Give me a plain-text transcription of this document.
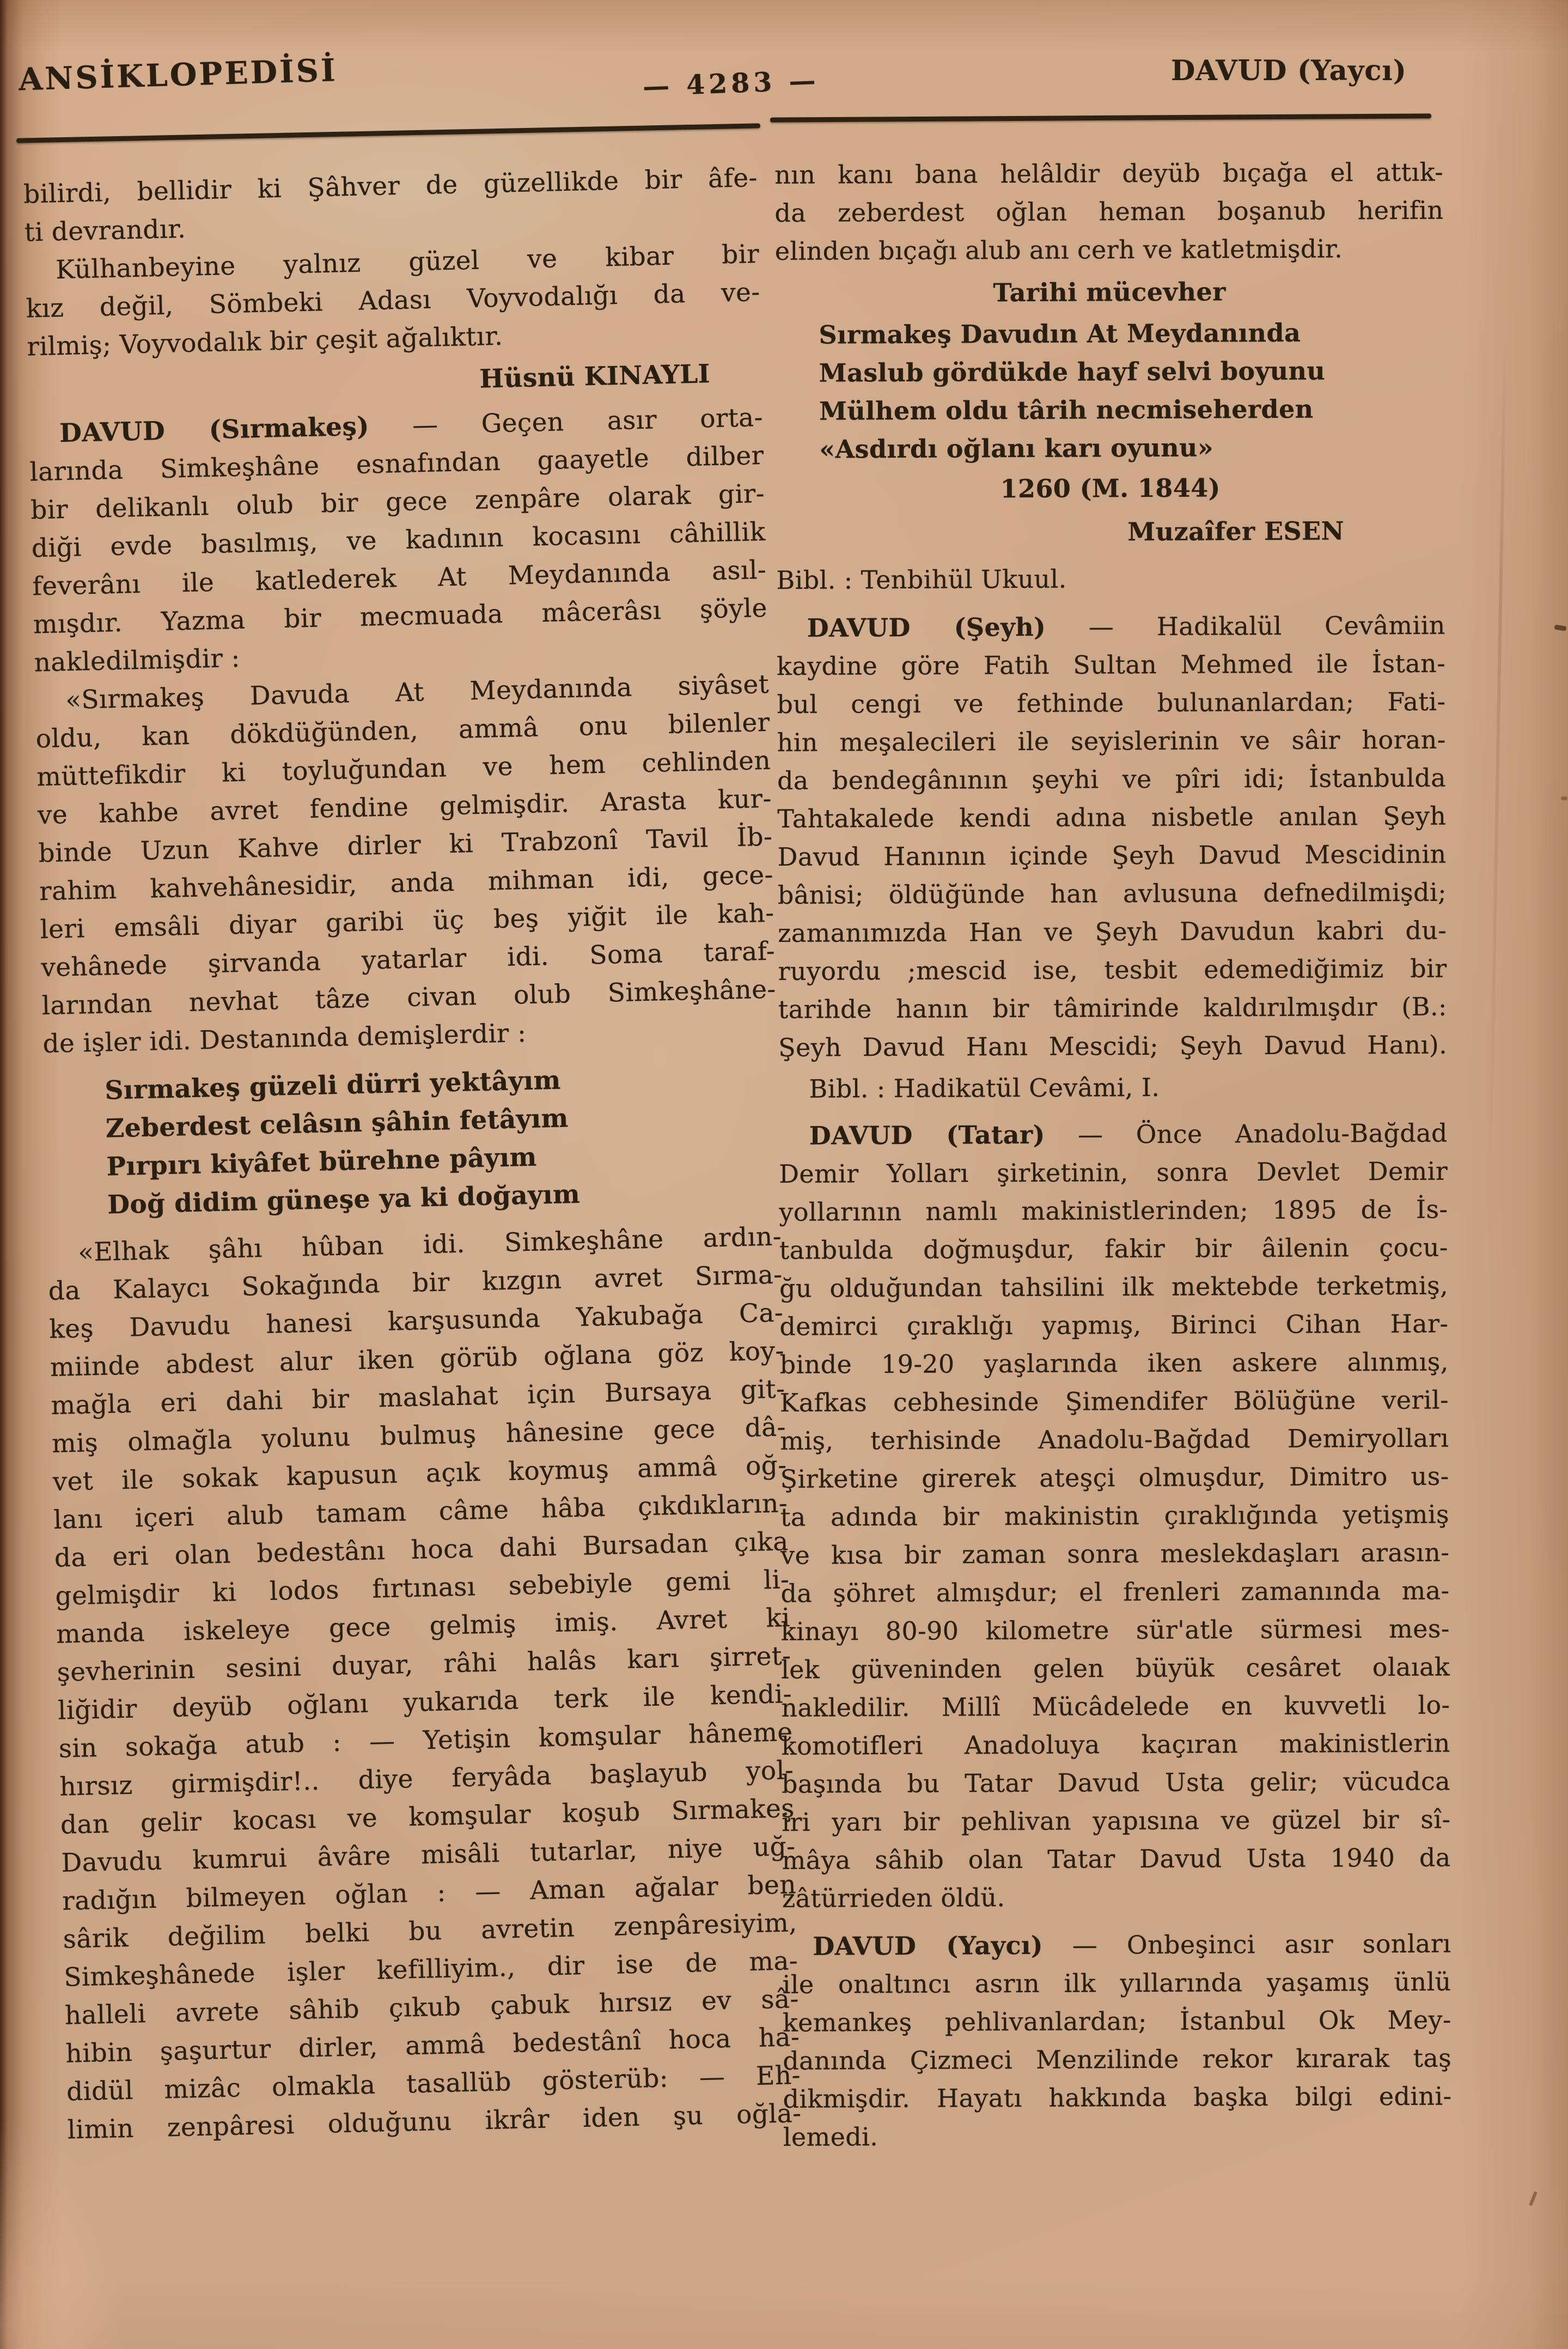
ANSİKLOPEDİSİ	— 4283 —	DAVUD (Yaycı)
bilirdi, bellidir ki Şâhver de güzellikde bir âfe-
ti devrandır.
Külhanbeyine yalnız güzel ve kibar bir
kız değil, Sömbeki Adası Voyvodalığı da ve-
rilmiş; Voyvodalık bir çeşit ağalıktır.
Hüsnü KINAYLI
DAVUD (Sırmakeş) — Geçen asır orta-
larında Simkeşhâne esnafından gaayetle dilber
bir delikanlı olub bir gece zenpâre olarak gir-
diği evde basılmış, ve kadının kocasını câhillik
feverânı ile katlederek At Meydanında asıl-
mışdır. Yazma bir mecmuada mâcerâsı şöyle
nakledilmişdir :
«Sırmakeş Davuda At Meydanında siyâset
oldu, kan dökdüğünden, ammâ onu bilenler
müttefikdir ki toyluğundan ve hem cehlinden
ve kahbe avret fendine gelmişdir. Arasta kur-
binde Uzun Kahve dirler ki Trabzonî Tavil İb-
rahim kahvehânesidir, anda mihman idi, gece-
leri emsâli diyar garibi üç beş yiğit ile kah-
vehânede şirvanda yatarlar idi. Soma taraf-
larından nevhat tâze civan olub Simkeşhâne-
de işler idi. Destanında demişlerdir :
Sırmakeş güzeli dürri yektâyım
Zeberdest celâsın şâhin fetâyım
Pırpırı kiyâfet bürehne pâyım
Doğ didim güneşe ya ki doğayım
«Elhak şâhı hûban idi. Simkeşhâne ardın-
da Kalaycı Sokağında bir kızgın avret Sırma-
keş Davudu hanesi karşusunda Yakubağa Ca-
miinde abdest alur iken görüb oğlana göz koy-
mağla eri dahi bir maslahat için Bursaya git-
miş olmağla yolunu bulmuş hânesine gece dâ-
vet ile sokak kapusun açık koymuş ammâ oğ-
lanı içeri alub tamam câme hâba çıkdıkların-
da eri olan bedestânı hoca dahi Bursadan çıka
gelmişdir ki lodos fırtınası sebebiyle gemi li-
manda iskeleye gece gelmiş imiş. Avret ki
şevherinin sesini duyar, râhi halâs karı şirret-
liğidir deyüb oğlanı yukarıda terk ile kendi-
sin sokağa atub : — Yetişin komşular hâneme
hırsız girmişdir!.. diye feryâda başlayub yol-
dan gelir kocası ve komşular koşub Sırmakeş
Davudu kumrui âvâre misâli tutarlar, niye uğ-
radığın bilmeyen oğlan : — Aman ağalar ben
sârik değilim belki bu avretin zenpâresiyim,
Simkeşhânede işler kefilliyim., dir ise de ma-
halleli avrete sâhib çıkub çabuk hırsız ev sâ-
hibin şaşurtur dirler, ammâ bedestânî hoca ha-
didül mizâc olmakla tasallüb gösterüb: — Eh-
limin zenpâresi olduğunu ikrâr iden şu oğla-
nın kanı bana helâldir deyüb bıçağa el attık-
da zeberdest oğlan heman boşanub herifin
elinden bıçağı alub anı cerh ve katletmişdir.
Tarihi mücevher
Sırmakeş Davudın At Meydanında
Maslub gördükde hayf selvi boyunu
Mülhem oldu târih necmiseherden
«Asdırdı oğlanı karı oyunu»
1260 (M. 1844)
Muzaîfer ESEN
Bibl. : Tenbihül Ukuul.
DAVUD (Şeyh) — Hadikalül Cevâmiin
kaydine göre Fatih Sultan Mehmed ile İstan-
bul cengi ve fethinde bulunanlardan; Fati-
hin meşalecileri ile seyislerinin ve sâir horan-
da bendegânının şeyhi ve pîri idi; İstanbulda
Tahtakalede kendi adına nisbetle anılan Şeyh
Davud Hanının içinde Şeyh Davud Mescidinin
bânisi; öldüğünde han avlusuna defnedilmişdi;
zamanımızda Han ve Şeyh Davudun kabri du-
ruyordu ;mescid ise, tesbit edemediğimiz bir
tarihde hanın bir tâmirinde kaldırılmışdır (B.:
Şeyh Davud Hanı Mescidi; Şeyh Davud Hanı).
Bibl. : Hadikatül Cevâmi, I.
DAVUD (Tatar) — Önce Anadolu-Bağdad
Demir Yolları şirketinin, sonra Devlet Demir
yollarının namlı makinistlerinden; 1895 de İs-
tanbulda doğmuşdur, fakir bir âilenin çocu-
ğu olduğundan tahsilini ilk mektebde terketmiş,
demirci çıraklığı yapmış, Birinci Cihan Har-
binde 19-20 yaşlarında iken askere alınmış,
Kafkas cebhesinde Şimendifer Bölüğüne veril-
miş, terhisinde Anadolu-Bağdad Demiryolları
Şirketine girerek ateşçi olmuşdur, Dimitro us-
ta adında bir makinistin çıraklığında yetişmiş
ve kısa bir zaman sonra meslekdaşları arasın-
da şöhret almışdur; el frenleri zamanında ma-
kinayı 80-90 kilometre sür'atle sürmesi mes-
lek güveninden gelen büyük cesâret olaıak
nakledilir. Millî Mücâdelede en kuvvetli lo-
komotifleri Anadoluya kaçıran makinistlerin
başında bu Tatar Davud Usta gelir; vücudca
iri yarı bir pehlivan yapısına ve güzel bir sî-
mâya sâhib olan Tatar Davud Usta 1940 da
zâtürrieden öldü.
DAVUD (Yaycı) — Onbeşinci asır sonları
ile onaltıncı asrın ilk yıllarında yaşamış ünlü
kemankeş pehlivanlardan; İstanbul Ok Mey-
danında Çizmeci Menzilinde rekor kırarak taş
dikmişdir. Hayatı hakkında başka bilgi edini-
lemedi.
